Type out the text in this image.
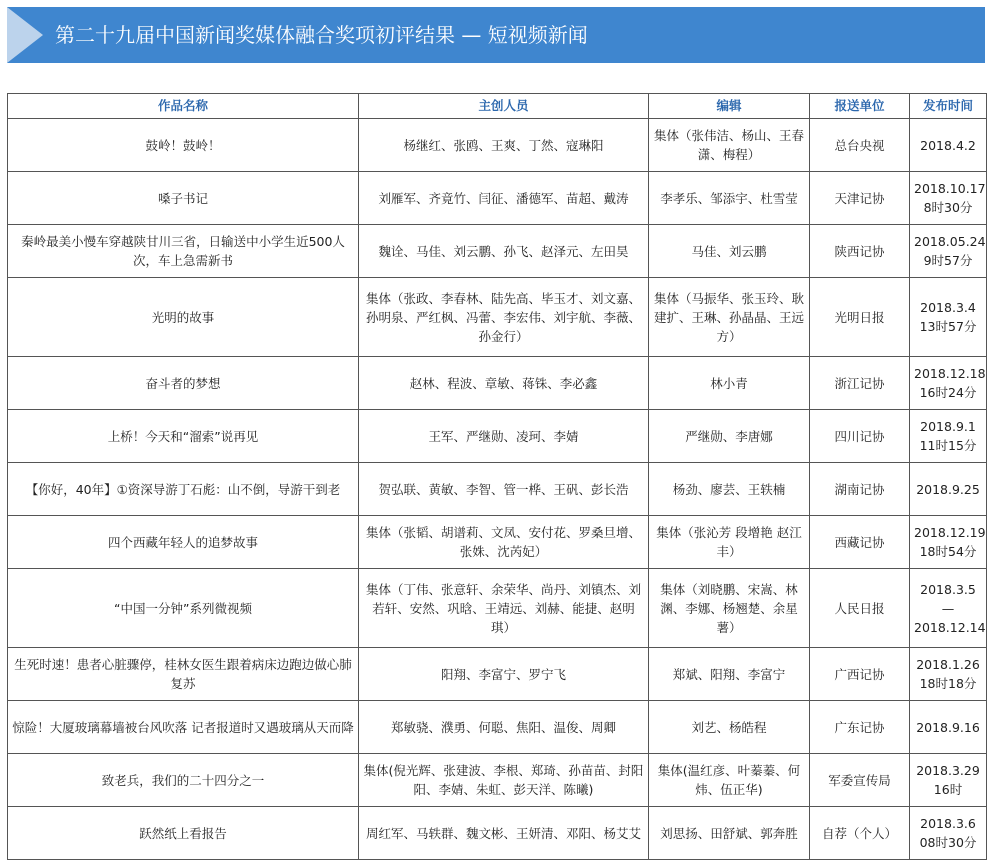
第二十九届中国新闻奖媒体融合奖项初评结果 — 短视频新闻
作品名称	主创人员	编辑	报送单位	发布时间
鼓岭！鼓岭！	杨继红、张鸥、王爽、丁然、寇琳阳	集体（张伟洁、杨山、王春潇、梅程）	总台央视	2018.4.2
嗓子书记	刘雁军、齐竟竹、闫征、潘德军、苗超、戴涛	李孝乐、邹添宇、杜雪莹	天津记协	2018.10.17 8时30分
秦岭最美小慢车穿越陕甘川三省，日输送中小学生近500人次，车上急需新书	魏诠、马佳、刘云鹏、孙飞、赵泽元、左田昊	马佳、刘云鹏	陕西记协	2018.05.24 9时57分
光明的故事	集体（张政、李春林、陆先高、毕玉才、刘文嘉、孙明泉、严红枫、冯蕾、李宏伟、刘宇航、李薇、孙金行）	集体（马振华、张玉玲、耿建扩、王琳、孙晶晶、王远方）	光明日报	2018.3.4 13时57分
奋斗者的梦想	赵林、程波、章敏、蒋铢、李必鑫	林小青	浙江记协	2018.12.18 16时24分
上桥！今天和“溜索”说再见	王军、严继勋、凌珂、李婧	严继勋、李唐娜	四川记协	2018.9.1 11时15分
【你好，40年】①资深导游丁石彪：山不倒，导游干到老	贺弘联、黄敏、李智、管一桦、王矾、彭长浩	杨劲、廖芸、王轶楠	湖南记协	2018.9.25
四个西藏年轻人的追梦故事	集体（张韬、胡谱莉、文凤、安付花、罗桑旦增、张姝、沈芮妃）	集体（张沁芳 段增艳 赵江丰）	西藏记协	2018.12.19 18时54分
“中国一分钟”系列微视频	集体（丁伟、张意轩、余荣华、尚丹、刘镇杰、刘若轩、安然、巩晗、王靖远、刘赫、能捷、赵明琪）	集体（刘晓鹏、宋嵩、林渊、李娜、杨翘楚、余星薯）	人民日报	2018.3.5— 2018.12.14
生死时速！患者心脏骤停，桂林女医生跟着病床边跑边做心肺复苏	阳翔、李富宁、罗宁飞	郑斌、阳翔、李富宁	广西记协	2018.1.26 18时18分
惊险！大厦玻璃幕墙被台风吹落 记者报道时又遇玻璃从天而降	郑敏骁、濮勇、何聪、焦阳、温俊、周卿	刘艺、杨皓程	广东记协	2018.9.16
致老兵，我们的二十四分之一	集体(倪光辉、张建波、李根、郑琦、孙苗苗、封阳阳、李婧、朱虹、彭天洋、陈曦)	集体(温红彦、叶蓁蓁、何炜、伍正华)	军委宣传局	2018.3.29 16时
跃然纸上看报告	周红军、马轶群、魏文彬、王妍清、邓阳、杨艾艾	刘思扬、田舒斌、郭奔胜	自荐（个人）	2018.3.6 08时30分
